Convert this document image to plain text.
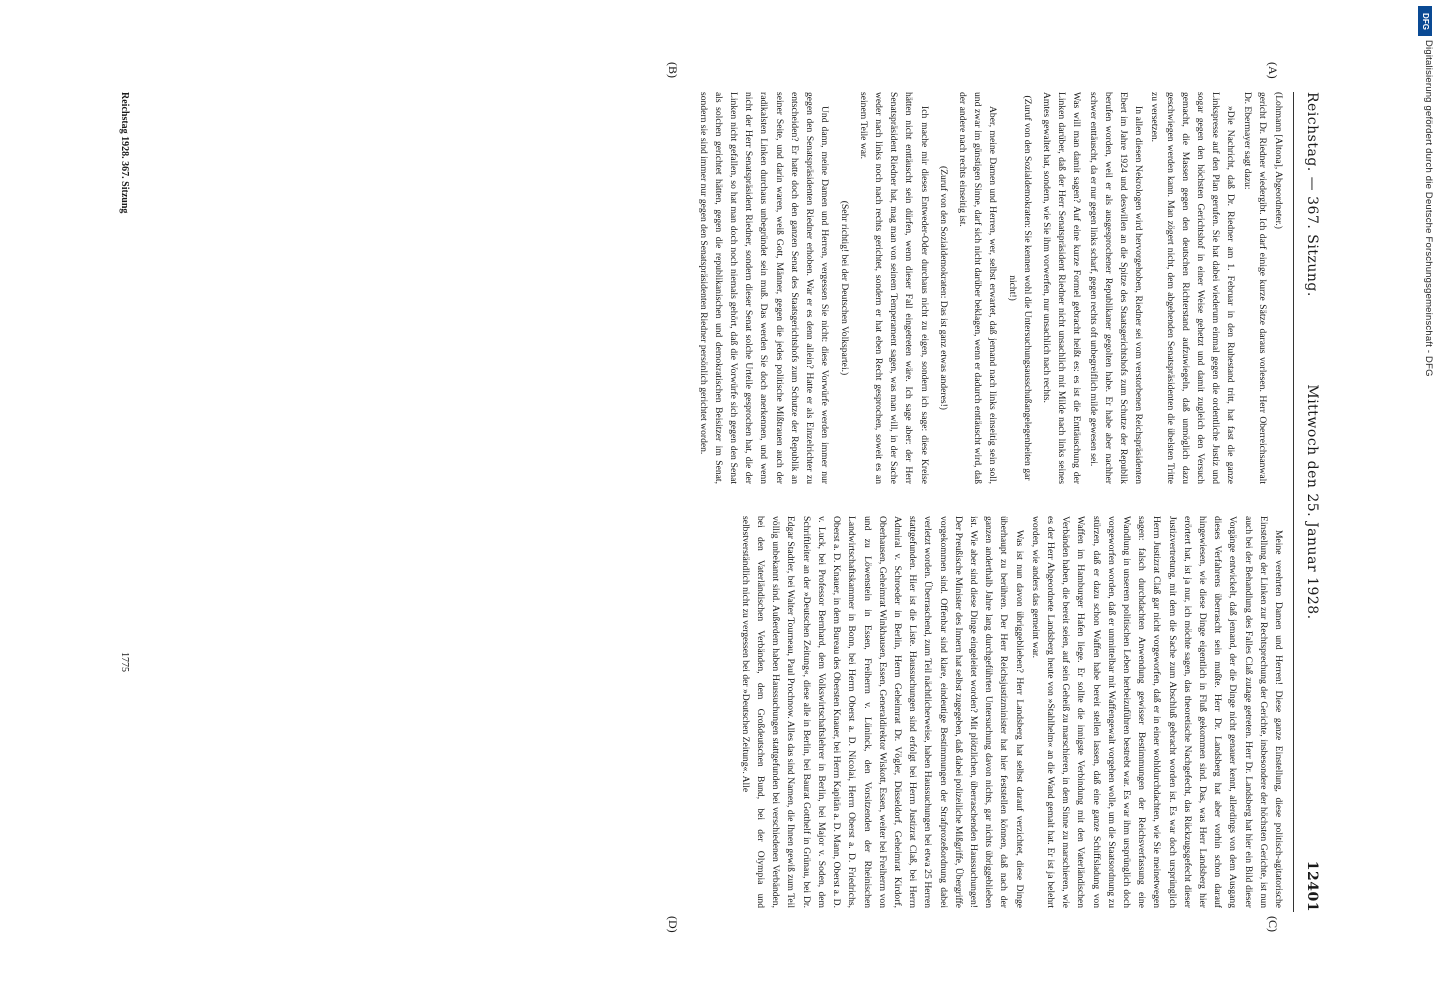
Reichstag. — 367. Sitzung.
Mittwoch den 25. Januar 1928.
12401

(Lohmann [Altona], Abgeordneter.)

gericht Dr. Riedner wiedergibt. Ich darf einige kurze Sätze daraus vorlesen. Herr Oberreichsanwalt Dr. Ebermayer sagt dazu:

»Die Nachricht, daß Dr. Riedner am 1. Februar in den Ruhestand tritt, hat fast die ganze Linkspresse auf den Plan gerufen. Sie hat dabei wiederum einmal gegen die ordentliche Justiz und sogar gegen den höchsten Gerichtshof in einer Weise gehetzt und damit zugleich den Versuch gemacht, die Massen gegen den deutschen Richterstand aufzuwiegeln, daß unmöglich dazu geschwiegen werden kann. Man zögert nicht, dem abgehenden Senatspräsidenten die übelsten Tritte zu versetzen.

In allen diesen Nekrologen wird hervorgehoben, Riedner sei vom verstorbenen Reichspräsidenten Ebert im Jahre 1924 und deswillen an die Spitze des Staatsgerichtshofs zum Schutze der Republik berufen worden, weil er als ausgesprochener Republikaner gegolten habe. Er habe aber nachher schwer enttäuscht, da er nur gegen links scharf, gegen rechts oft unbegreiflich milde gewesen sei.

Was will man damit sagen? Auf eine kurze Formel gebracht heißt es: es ist die Enttäuschung der Linken darüber, daß der Herr Senatspräsident Riedner nicht unsachlich mit Milde nach links seines Amtes gewaltet hat, sondern, wie Sie ihm vorwerfen, nur unsachlich nach rechts.

(Zuruf von den Sozialdemokraten: Sie kennen wohl die Untersuchungsausschußangelegenheiten gar nicht!)

Aber, meine Damen und Herren, wer, selbst erwartet, daß jemand nach links einseitig sein soll, und zwar im günstigen Sinne, darf sich nicht darüber beklagen, wenn er dadurch enttäuscht wird, daß der andere nach rechts einseitig ist.

(Zuruf von den Sozialdemokraten: Das ist ganz etwas anderes!)

Ich mache mir dieses Entweder-Oder durchaus nicht zu eigen, sondern ich sage: diese Kreise hätten nicht enttäuscht sein dürfen, wenn dieser Fall eingetreten wäre. Ich sage aber: der Herr Senatspräsident Riedner hat, mag man von seinem Temperament sagen, was man will, in der Sache weder nach links noch nach rechts gerichtet, sondern er hat eben Recht gesprochen, soweit es an seinem Teile war.

(Sehr richtig! bei der Deutschen Volkspartei.)

Und dann, meine Damen und Herren, vergessen Sie nicht: diese Vorwürfe werden immer nur gegen den Senatspräsidenten Riedner erhoben. War er es denn allein? Hatte er als Einzelrichter zu entscheiden? Er hatte doch den ganzen Senat des Staatsgerichtshofs zum Schutze der Republik an seiner Seite, und darin waren, weiß Gott, Männer, gegen die jedes politische Mißtrauen auch der radikalsten Linken durchaus unbegründet sein muß. Das werden Sie doch anerkennen, und wenn nicht der Herr Senatspräsident Riedner, sondern dieser Senat solche Urteile gesprochen hat, die der Linken nicht gefallen, so hat man doch noch niemals gehört, daß die Vorwürfe sich gegen den Senat als solchen gerichtet hätten, gegen die republikanischen und demokratischen Beisitzer im Senat, sondern sie sind immer nur gegen den Senatspräsidenten Riedner persönlich gerichtet worden.

Meine verehrten Damen und Herren! Diese ganze Einstellung, diese politisch-agitatorische Einstellung der Linken zur Rechtsprechung der Gerichte, insbesondere der höchsten Gerichte, ist nun auch bei der Behandlung des Falles Claß zutage getreten. Herr Dr. Landsberg hat hier ein Bild dieser Vorgänge entwickelt, daß jemand, der die Dinge nicht genauer kennt, allerdings von dem Ausgang dieses Verfahrens überrascht sein mußte. Herr Dr. Landsberg hat aber vorhin schon darauf hingewiesen, wie diese Dinge eigentlich in Fluß gekommen sind. Das, was Herr Landsberg hier erörtert hat, ist ja nur, ich möchte sagen, das theoretische Nachgefecht, das Rückzugsgefecht dieser Justizvertretung, mit dem die Sache zum Abschluß gebracht worden ist. Es war doch ursprünglich Herrn Justizrat Claß gar nicht vorgeworfen, daß er in einer wohldurchdachten, wie Sie meinetwegen sagen: falsch durchdachten Anwendung gewisser Bestimmungen der Reichsverfassung eine Wandlung in unserem politischen Leben herbeizuführen bestrebt war. Es war ihm ursprünglich doch vorgeworfen worden, daß er unmittelbar mit Waffengewalt vorgehen wolle, um die Staatsordnung zu stürzen, daß er dazu schon Waffen habe bereit stellen lassen, daß eine ganze Schiffsladung von Waffen im Hamburger Hafen liege. Er sollte die innigste Verbindung mit den Vaterländischen Verbänden haben, die bereit seien, auf sein Geheiß zu marschieren, in dem Sinne zu marschieren, wie es der Herr Abgeordnete Landsberg heute von »Stahlhelm« an die Wand gemalt hat. Er ist ja belehrt worden, wie anders das gemeint war.

Was ist nun davon übriggeblieben? Herr Landsberg hat selbst darauf verzichtet, diese Dinge überhaupt zu berühren. Der Herr Reichsjustizminister hat hier feststellen können, daß nach der ganzen anderthalb Jahre lang durchgeführten Untersuchung davon nichts, gar nichts übriggeblieben ist. Wie aber sind diese Dinge eingeleitet worden? Mit plötzlichen, überraschenden Haussuchungen! Der Preußische Minister des Innern hat selbst zugegeben, daß dabei polizeiliche Mißgriffe, Übergriffe vorgekommen sind. Offenbar sind klare, eindeutige Bestimmungen der Strafprozeßordnung dabei verletzt worden. Überraschend, zum Teil nächtlicherweise, haben Haussuchungen bei etwa 25 Herren stattgefunden. Hier ist die Liste. Haussuchungen sind erfolgt bei Herrn Justizrat Claß, bei Herrn Admiral v. Schroeder in Berlin, Herrn Geheimrat Dr. Vögler, Düsseldorf, Geheimrat Kirdorf, Oberhausen, Geheimrat Winkhausen, Essen, Generaldirektor Wiskott, Essen, weiter bei Freiherrn von und zu Löwenstein in Essen, Freiherrn v. Lüninck, den Vorsitzenden der Rheinischen Landwirtschaftskammer in Bonn, bei Herrn Oberst a. D. Nicolai, Herrn Oberst a. D. Friedrichs, Oberst a. D. Knauer, in dem Bureau des Obersten Knauer, bei Herrn Kapitän a. D. Mann, Oberst a. D. v. Luck, bei Professor Bernhard, dem Volkswirtschaftslehrer in Berlin, bei Major v. Soden, dem Schriftleiter an der »Deutschen Zeitung«, diese alle in Berlin, bei Baurat Gotthelf in Grünau, bei Dr. Edgar Stadtler, bei Walter Tourneau, Paul Prochnow. Alles das sind Namen, die Ihnen gewiß zum Teil völlig unbekannt sind. Außerdem haben Haussuchungen stattgefunden bei verschiedenen Verbänden, bei den Vaterländischen Verbänden, dem Großdeutschen Bund, bei der Olympia und selbstverständlich nicht zu vergessen bei der »Deutschen Zeitung«. Alle

(A)
(B)
(C)
(D)
Reichstag 1928. 367. Sitzung
1775
DFG
Digitalisierung gefördert durch die Deutsche Forschungsgemeinschaft - DFG
